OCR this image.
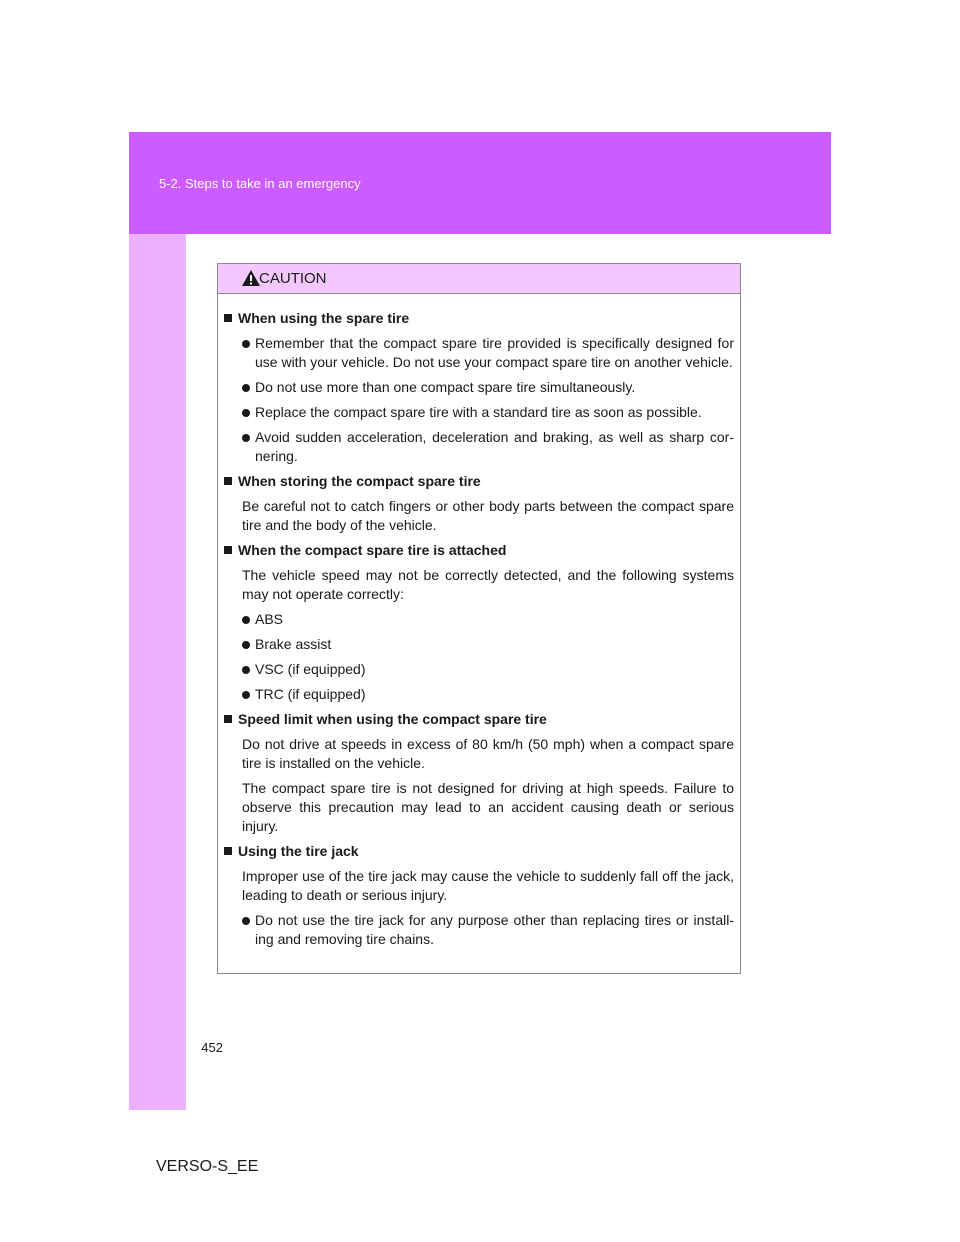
5-2. Steps to take in an emergency
CAUTION
When using the spare tire
Remember that the compact spare tire provided is specifically designed for use with your vehicle. Do not use your compact spare tire on another vehicle.
Do not use more than one compact spare tire simultaneously.
Replace the compact spare tire with a standard tire as soon as possible.
Avoid sudden acceleration, deceleration and braking, as well as sharp cor-nering.
When storing the compact spare tire
Be careful not to catch fingers or other body parts between the compact spare tire and the body of the vehicle.
When the compact spare tire is attached
The vehicle speed may not be correctly detected, and the following systems may not operate correctly:
ABS
Brake assist
VSC (if equipped)
TRC (if equipped)
Speed limit when using the compact spare tire
Do not drive at speeds in excess of 80 km/h (50 mph) when a compact spare tire is installed on the vehicle.
The compact spare tire is not designed for driving at high speeds. Failure to observe this precaution may lead to an accident causing death or serious injury.
Using the tire jack
Improper use of the tire jack may cause the vehicle to suddenly fall off the jack, leading to death or serious injury.
Do not use the tire jack for any purpose other than replacing tires or install-ing and removing tire chains.
452
VERSO-S_EE
